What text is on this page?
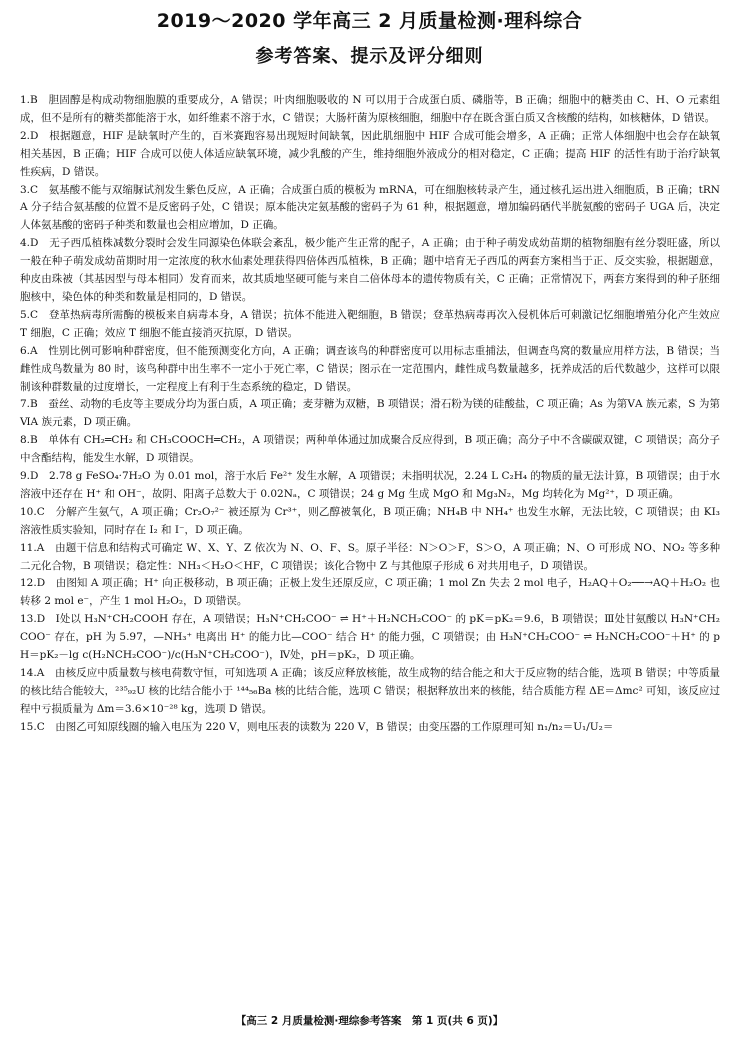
2019～2020 学年高三 2 月质量检测·理科综合
参考答案、提示及评分细则

1.B　胆固醇是构成动物细胞膜的重要成分，A 错误；叶肉细胞吸收的 N 可以用于合成蛋白质、磷脂等，B 正确；细胞中的糖类由 C、H、O 元素组成，但不是所有的糖类都能溶于水，如纤维素不溶于水，C 错误；大肠杆菌为原核细胞，细胞中存在既含蛋白质又含核酸的结构，如核糖体，D 错误。

2.D　根据题意，HIF 是缺氧时产生的，百米赛跑容易出现短时间缺氧，因此肌细胞中 HIF 合成可能会增多，A 正确；正常人体细胞中也会存在缺氧相关基因，B 正确；HIF 合成可以使人体适应缺氧环境，减少乳酸的产生，维持细胞外液成分的相对稳定，C 正确；提高 HIF 的活性有助于治疗缺氧性疾病，D 错误。

3.C　氨基酸不能与双缩脲试剂发生紫色反应，A 正确；合成蛋白质的模板为 mRNA，可在细胞核转录产生，通过核孔运出进入细胞质，B 正确；tRNA 分子结合氨基酸的位置不是反密码子处，C 错误；原本能决定氨基酸的密码子为 61 种，根据题意，增加编码硒代半胱氨酸的密码子 UGA 后，决定人体氨基酸的密码子种类和数量也会相应增加，D 正确。

4.D　无子西瓜植株减数分裂时会发生同源染色体联会紊乱，极少能产生正常的配子，A 正确；由于种子萌发成幼苗期的植物细胞有丝分裂旺盛，所以一般在种子萌发成幼苗期时用一定浓度的秋水仙素处理获得四倍体西瓜植株，B 正确；题中培育无子西瓜的两套方案相当于正、反交实验，根据题意，种皮由珠被（其基因型与母本相同）发育而来，故其质地坚硬可能与来自二倍体母本的遗传物质有关，C 正确；正常情况下，两套方案得到的种子胚细胞核中，染色体的种类和数量是相同的，D 错误。

5.C　登革热病毒所需酶的模板来自病毒本身，A 错误；抗体不能进入靶细胞，B 错误；登革热病毒再次入侵机体后可刺激记忆细胞增殖分化产生效应 T 细胞，C 正确；效应 T 细胞不能直接消灭抗原，D 错误。

6.A　性别比例可影响种群密度，但不能预测变化方向，A 正确；调查该鸟的种群密度可以用标志重捕法，但调查鸟窝的数量应用样方法，B 错误；当雌性成鸟数量为 80 时，该鸟种群中出生率不一定小于死亡率，C 错误；图示在一定范围内，雌性成鸟数量越多，抚养成活的后代数越少，这样可以限制该种群数量的过度增长，一定程度上有利于生态系统的稳定，D 错误。

7.B　蚕丝、动物的毛皮等主要成分均为蛋白质，A 项正确；麦芽糖为双糖，B 项错误；滑石粉为镁的硅酸盐，C 项正确；As 为第ⅤA 族元素，S 为第ⅥA 族元素，D 项正确。

8.B　单体有 CH₂═CH₂ 和 CH₃COOCH═CH₂，A 项错误；两种单体通过加成聚合反应得到，B 项正确；高分子中不含碳碳双键，C 项错误；高分子中含酯结构，能发生水解，D 项错误。

9.D　2.78 g FeSO₄·7H₂O 为 0.01 mol，溶于水后 Fe²⁺ 发生水解，A 项错误；未指明状况，2.24 L C₂H₄ 的物质的量无法计算，B 项错误；由于水溶液中还存在 H⁺ 和 OH⁻，故阴、阳离子总数大于 0.02Nₐ，C 项错误；24 g Mg 生成 MgO 和 Mg₃N₂，Mg 均转化为 Mg²⁺，D 项正确。

10.C　分解产生氨气，A 项正确；Cr₂O₇²⁻ 被还原为 Cr³⁺，则乙醇被氧化，B 项正确；NH₄B 中 NH₄⁺ 也发生水解，无法比较，C 项错误；由 KI₃ 溶液性质实验知，同时存在 I₂ 和 I⁻，D 项正确。

11.A　由题干信息和结构式可确定 W、X、Y、Z 依次为 N、O、F、S。原子半径：N＞O＞F，S＞O，A 项正确；N、O 可形成 NO、NO₂ 等多种二元化合物，B 项错误；稳定性：NH₃＜H₂O＜HF，C 项错误；该化合物中 Z 与其他原子形成 6 对共用电子，D 项错误。

12.D　由图知 A 项正确；H⁺ 向正极移动，B 项正确；正极上发生还原反应，C 项正确；1 mol Zn 失去 2 mol 电子，H₂AQ＋O₂──→AQ＋H₂O₂ 也转移 2 mol e⁻，产生 1 mol H₂O₂，D 项错误。

13.D　Ⅰ处以 H₃N⁺CH₂COOH 存在，A 项错误；H₃N⁺CH₂COO⁻ ⇌ H⁺＋H₂NCH₂COO⁻ 的 pK＝pK₂＝9.6，B 项错误；Ⅲ处甘氨酸以 H₃N⁺CH₂COO⁻ 存在，pH 为 5.97，—NH₃⁺ 电离出 H⁺ 的能力比—COO⁻ 结合 H⁺ 的能力强，C 项错误；由 H₃N⁺CH₂COO⁻ ⇌ H₂NCH₂COO⁻＋H⁺ 的 pH＝pK₂－lg c(H₂NCH₂COO⁻)/c(H₃N⁺CH₂COO⁻)，Ⅳ处，pH＝pK₂，D 项正确。

14.A　由核反应中质量数与核电荷数守恒，可知选项 A 正确；该反应释放核能，故生成物的结合能之和大于反应物的结合能，选项 B 错误；中等质量的核比结合能较大，²³⁵₉₂U 核的比结合能小于 ¹⁴⁴₅₆Ba 核的比结合能，选项 C 错误；根据释放出来的核能，结合质能方程 ΔE＝Δmc² 可知，该反应过程中亏损质量为 Δm＝3.6×10⁻²⁸ kg，选项 D 错误。

15.C　由图乙可知原线圈的输入电压为 220 V，则电压表的读数为 220 V，B 错误；由变压器的工作原理可知 n₁/n₂＝U₁/U₂＝

【高三 2 月质量检测·理综参考答案　第 1 页(共 6 页)】
